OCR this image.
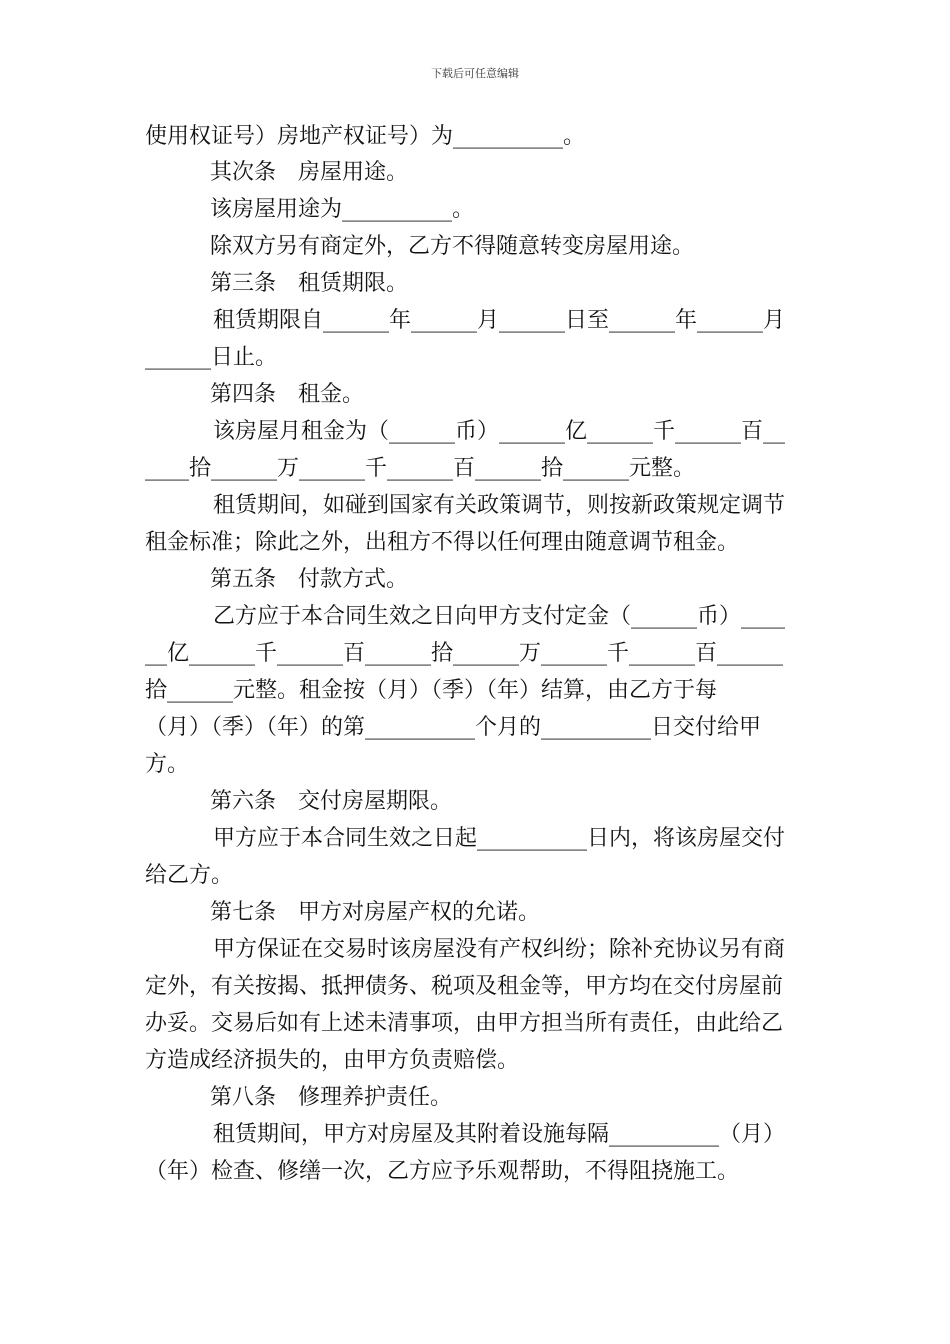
下载后可任意编辑
使用权证号）房地产权证号）为__________。
其次条　房屋用途。
该房屋用途为__________。
除双方另有商定外，乙方不得随意转变房屋用途。
第三条　租赁期限。
租赁期限自______年______月______日至______年______月
______日止。
第四条　租金。
该房屋月租金为（______币）______亿______千______百__
____拾______万______千______百______拾______元整。
租赁期间，如碰到国家有关政策调节，则按新政策规定调节
租金标准；除此之外，出租方不得以任何理由随意调节租金。
第五条　付款方式。
乙方应于本合同生效之日向甲方支付定金（______币）____
__亿______千______百______拾______万______千______百______
拾______元整。租金按（月）（季）（年）结算，由乙方于每
（月）（季）（年）的第__________个月的__________日交付给甲
方。
第六条　交付房屋期限。
甲方应于本合同生效之日起__________日内，将该房屋交付
给乙方。
第七条　甲方对房屋产权的允诺。
甲方保证在交易时该房屋没有产权纠纷；除补充协议另有商
定外，有关按揭、抵押债务、税项及租金等，甲方均在交付房屋前
办妥。交易后如有上述未清事项，由甲方担当所有责任，由此给乙
方造成经济损失的，由甲方负责赔偿。
第八条　修理养护责任。
租赁期间，甲方对房屋及其附着设施每隔__________（月）
（年）检查、修缮一次，乙方应予乐观帮助，不得阻挠施工。
